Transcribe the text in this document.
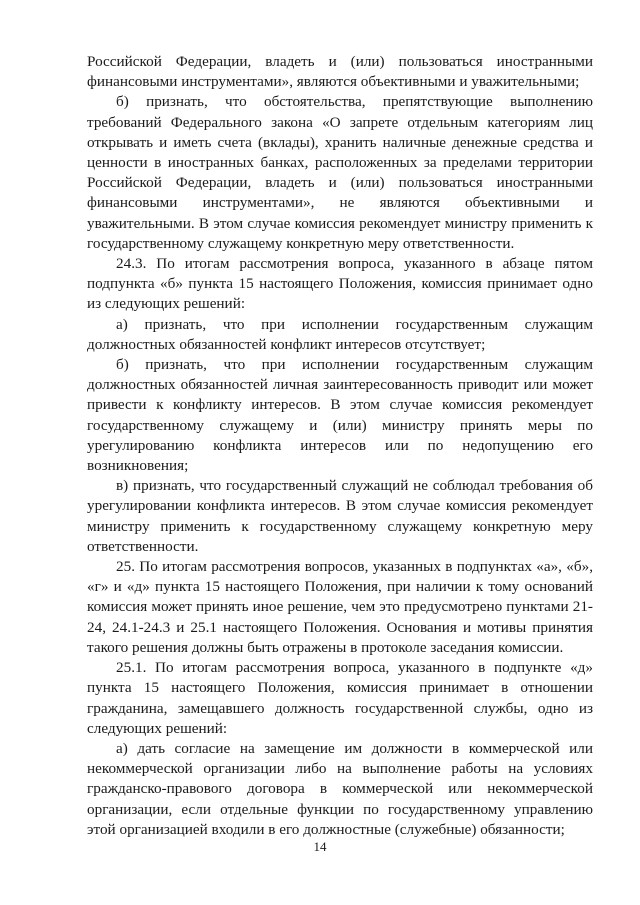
Российской Федерации, владеть и (или) пользоваться иностранными финансовыми инструментами», являются объективными и уважительными;

б) признать, что обстоятельства, препятствующие выполнению требований Федерального закона «О запрете отдельным категориям лиц открывать и иметь счета (вклады), хранить наличные денежные средства и ценности в иностранных банках, расположенных за пределами территории Российской Федерации, владеть и (или) пользоваться иностранными финансовыми инструментами», не являются объективными и уважительными. В этом случае комиссия рекомендует министру применить к государственному служащему конкретную меру ответственности.

24.3. По итогам рассмотрения вопроса, указанного в абзаце пятом подпункта «б» пункта 15 настоящего Положения, комиссия принимает одно из следующих решений:

а) признать, что при исполнении государственным служащим должностных обязанностей конфликт интересов отсутствует;

б) признать, что при исполнении государственным служащим должностных обязанностей личная заинтересованность приводит или может привести к конфликту интересов. В этом случае комиссия рекомендует государственному служащему и (или) министру принять меры по урегулированию конфликта интересов или по недопущению его возникновения;

в) признать, что государственный служащий не соблюдал требования об урегулировании конфликта интересов. В этом случае комиссия рекомендует министру применить к государственному служащему конкретную меру ответственности.

25. По итогам рассмотрения вопросов, указанных в подпунктах «а», «б», «г» и «д» пункта 15 настоящего Положения, при наличии к тому оснований комиссия может принять иное решение, чем это предусмотрено пунктами 21-24, 24.1-24.3 и 25.1 настоящего Положения. Основания и мотивы принятия такого решения должны быть отражены в протоколе заседания комиссии.

25.1. По итогам рассмотрения вопроса, указанного в подпункте «д» пункта 15 настоящего Положения, комиссия принимает в отношении гражданина, замещавшего должность государственной службы, одно из следующих решений:

а) дать согласие на замещение им должности в коммерческой или некоммерческой организации либо на выполнение работы на условиях гражданско-правового договора в коммерческой или некоммерческой организации, если отдельные функции по государственному управлению этой организацией входили в его должностные (служебные) обязанности;

14
